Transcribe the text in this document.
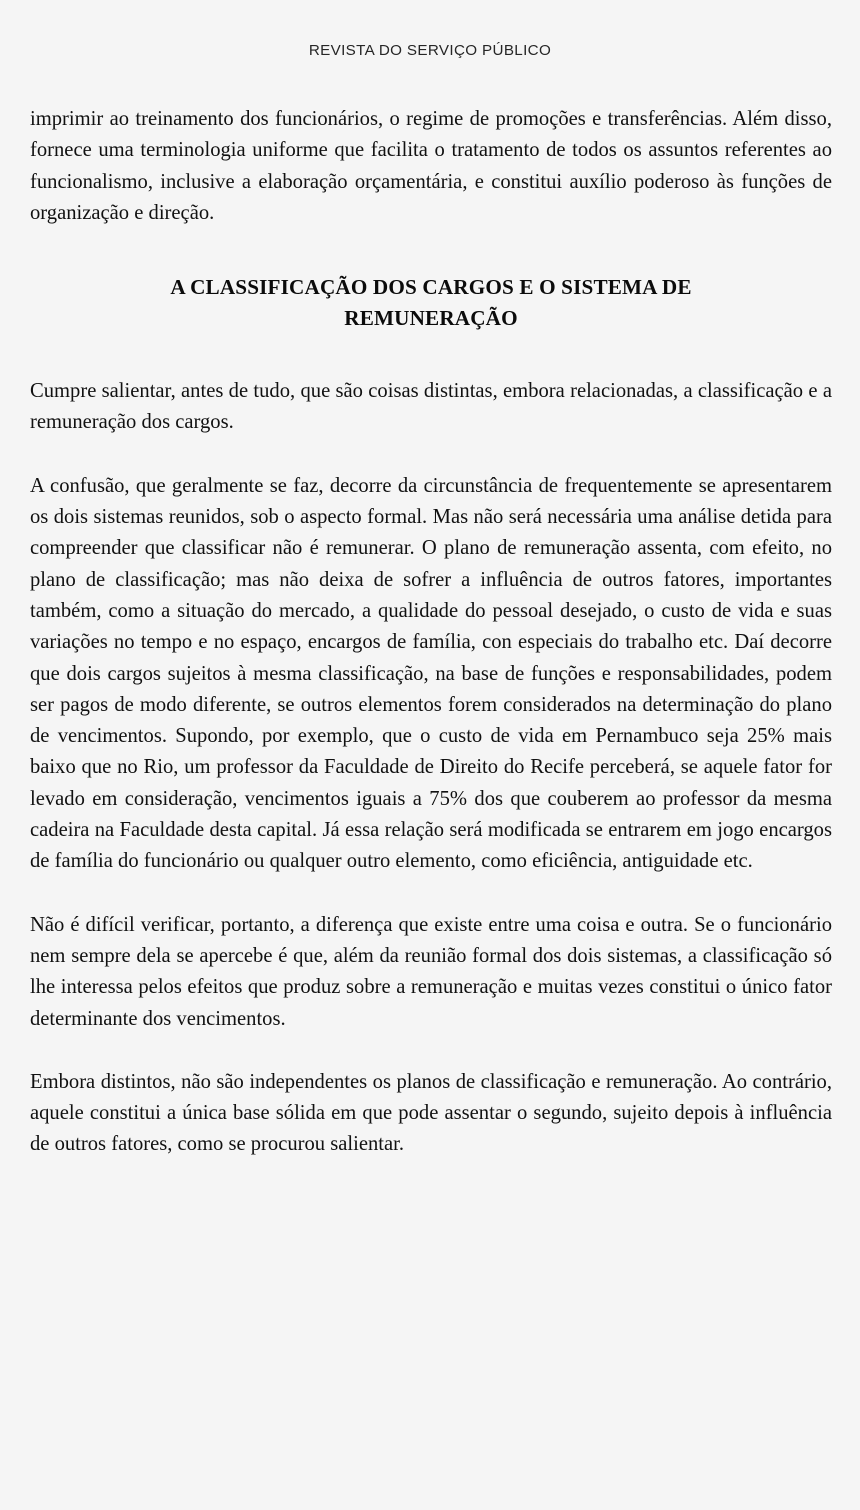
REVISTA DO SERVIÇO PÚBLICO

imprimir ao treinamento dos funcionários, o regime de promoções e transferências. Além disso, fornece uma terminologia uniforme que facilita o tratamento de todos os assuntos referentes ao funcionalismo, inclusive a elaboração orçamentária, e constitui auxílio poderoso às funções de organização e direção.

A CLASSIFICAÇÃO DOS CARGOS E O SISTEMA DE
REMUNERAÇÃO

Cumpre salientar, antes de tudo, que são coisas distintas, embora relacionadas, a classificação e a remuneração dos cargos.

A confusão, que geralmente se faz, decorre da circunstância de frequentemente se apresentarem os dois sistemas reunidos, sob o aspecto formal. Mas não será necessária uma análise detida para compreender que classificar não é remunerar. O plano de remuneração assenta, com efeito, no plano de classificação; mas não deixa de sofrer a influência de outros fatores, importantes também, como a situação do mercado, a qualidade do pessoal desejado, o custo de vida e suas variações no tempo e no espaço, encargos de família, con especiais do trabalho etc. Daí decorre que dois cargos sujeitos à mesma classificação, na base de funções e responsabilidades, podem ser pagos de modo diferente, se outros elementos forem considerados na determinação do plano de vencimentos. Supondo, por exemplo, que o custo de vida em Pernambuco seja 25% mais baixo que no Rio, um professor da Faculdade de Direito do Recife perceberá, se aquele fator for levado em consideração, vencimentos iguais a 75% dos que couberem ao professor da mesma cadeira na Faculdade desta capital. Já essa relação será modificada se entrarem em jogo encargos de família do funcionário ou qualquer outro elemento, como eficiência, antiguidade etc.

Não é difícil verificar, portanto, a diferença que existe entre uma coisa e outra. Se o funcionário nem sempre dela se apercebe é que, além da reunião formal dos dois sistemas, a classificação só lhe interessa pelos efeitos que produz sobre a remuneração e muitas vezes constitui o único fator determinante dos vencimentos.

Embora distintos, não são independentes os planos de classificação e remuneração. Ao contrário, aquele constitui a única base sólida em que pode assentar o segundo, sujeito depois à influência de outros fatores, como se procurou salientar.
